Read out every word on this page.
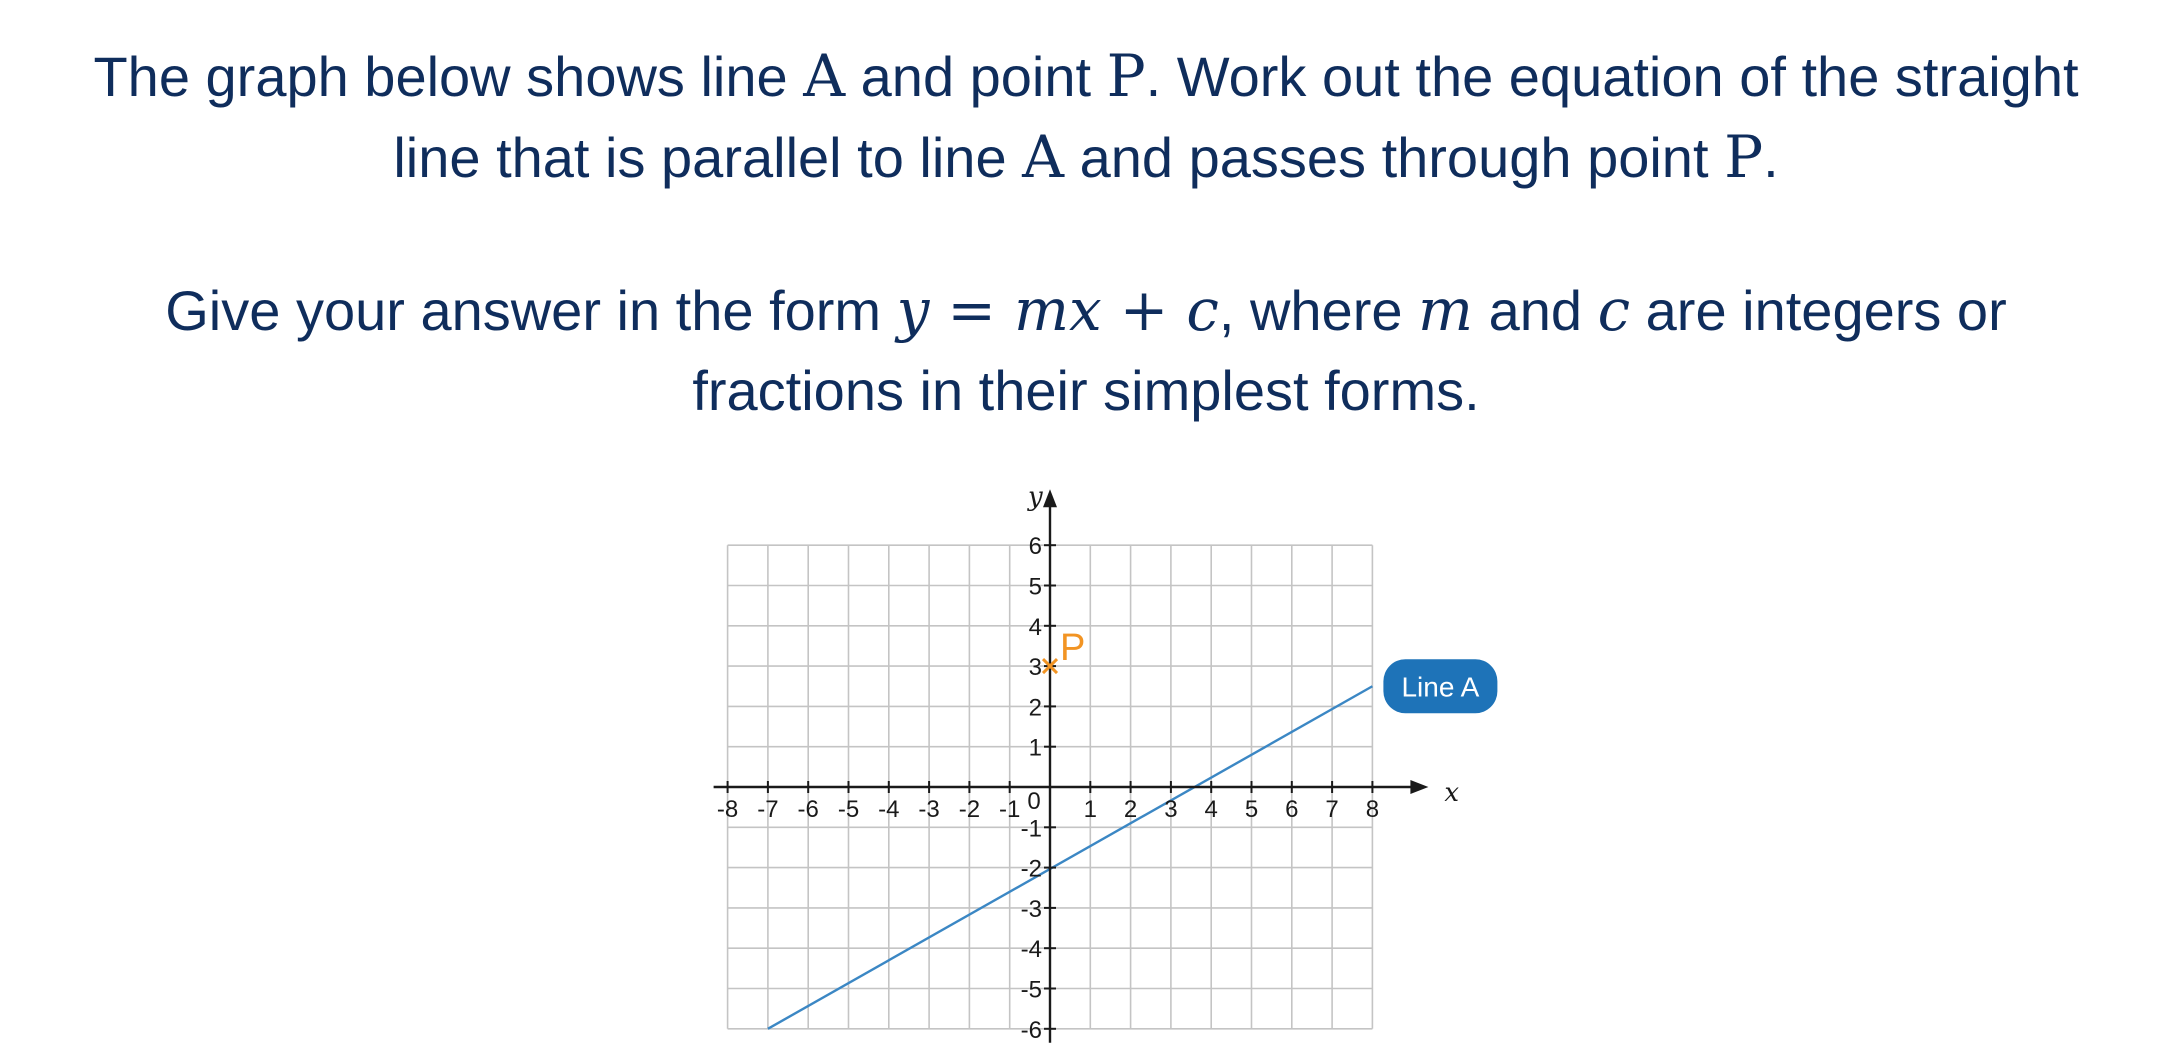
The graph below shows line A and point P. Work out the equation of the straight
line that is parallel to line A and passes through point P.
Give your answer in the form y = mx + c, where m and c are integers or
fractions in their simplest forms.
x
y
-8 -7 -6 -5 -4 -3 -2 -1 0 1 2 3 4 5 6 7 8
-6
-5
-4
-3
-2
-1
1
2
3
4
5
6
P
Line A
